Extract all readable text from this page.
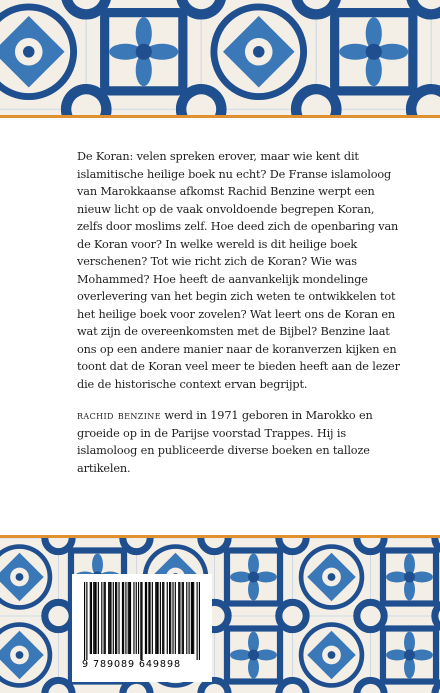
De Koran: velen spreken erover, maar wie kent dit islamitische heilige boek nu echt? De Franse islamoloog van Marokkaanse afkomst Rachid Benzine werpt een nieuw licht op de vaak onvoldoende begrepen Koran, zelfs door moslims zelf. Hoe deed zich de openbaring van de Koran voor? In welke wereld is dit heilige boek verschenen? Tot wie richt zich de Koran? Wie was Mohammed? Hoe heeft de aanvankelijk mondelinge overlevering van het begin zich weten te ontwikkelen tot het heilige boek voor zovelen? Wat leert ons de Koran en wat zijn de overeenkomsten met de Bijbel? Benzine laat ons op een andere manier naar de koranverzen kijken en toont dat de Koran veel meer te bieden heeft aan de lezer die de historische context ervan begrijpt.

rachid benzine werd in 1971 geboren in Marokko en groeide op in de Parijse voorstad Trappes. Hij is islamoloog en publiceerde diverse boeken en talloze artikelen.

9 789089 649898
